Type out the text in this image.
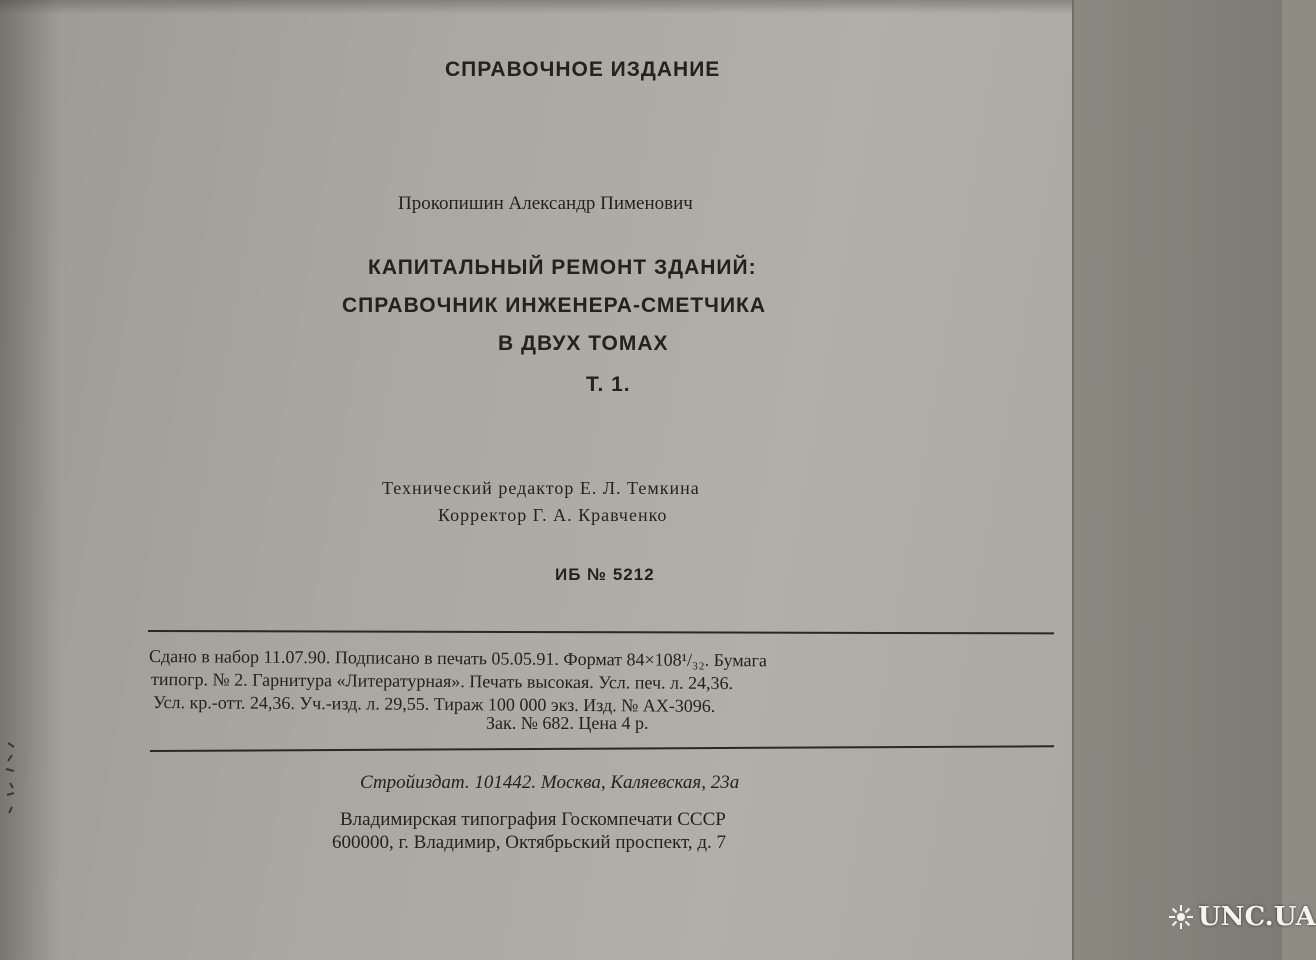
СПРАВОЧНОЕ ИЗДАНИЕ
Прокопишин Александр Пименович
КАПИТАЛЬНЫЙ РЕМОНТ ЗДАНИЙ:
СПРАВОЧНИК ИНЖЕНЕРА-СМЕТЧИКА
В ДВУХ ТОМАХ
Т. 1.
Технический редактор Е. Л. Темкина
Корректор Г. А. Кравченко
ИБ № 5212
Сдано в набор 11.07.90. Подписано в печать 05.05.91. Формат 84×108¹/₃₂. Бумага
типогр. № 2. Гарнитура «Литературная». Печать высокая. Усл. печ. л. 24,36.
Усл. кр.-отт. 24,36. Уч.-изд. л. 29,55. Тираж 100 000 экз. Изд. № АХ-3096.
Зак. № 682. Цена 4 р.
Стройиздат. 101442. Москва, Каляевская, 23а
Владимирская типография Госкомпечати СССР
600000, г. Владимир, Октябрьский проспект, д. 7
UNC.UA
